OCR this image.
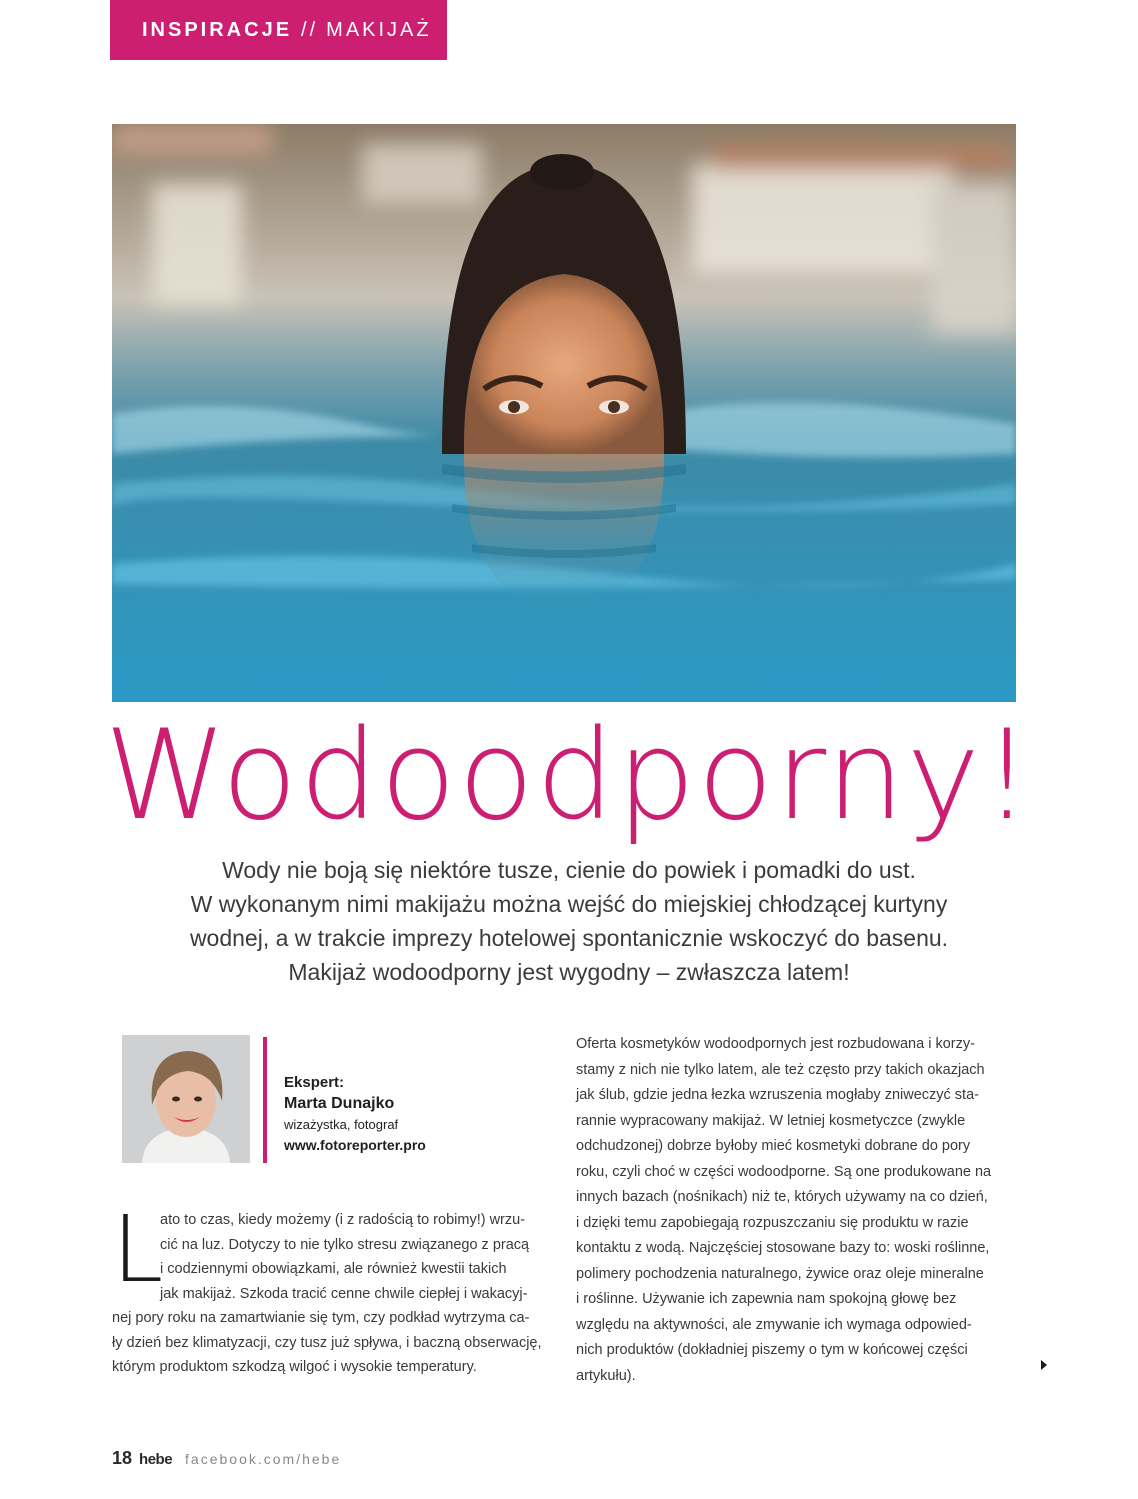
INSPIRACJE // MAKIJAŻ
Wodoodporny!
Wody nie boją się niektóre tusze, cienie do powiek i pomadki do ust.
W wykonanym nimi makijażu można wejść do miejskiej chłodzącej kurtyny
wodnej, a w trakcie imprezy hotelowej spontanicznie wskoczyć do basenu.
Makijaż wodoodporny jest wygodny – zwłaszcza latem!
Ekspert:
Marta Dunajko
wizażystka, fotograf
www.fotoreporter.pro
L
ato to czas, kiedy możemy (i z radością to robimy!) wrzu-
cić na luz. Dotyczy to nie tylko stresu związanego z pracą
i codziennymi obowiązkami, ale również kwestii takich
jak makijaż. Szkoda tracić cenne chwile ciepłej i wakacyj-
nej pory roku na zamartwianie się tym, czy podkład wytrzyma ca-
ły dzień bez klimatyzacji, czy tusz już spływa, i baczną obserwację,
którym produktom szkodzą wilgoć i wysokie temperatury.
Oferta kosmetyków wodoodpornych jest rozbudowana i korzy-
stamy z nich nie tylko latem, ale też często przy takich okazjach
jak ślub, gdzie jedna łezka wzruszenia mogłaby zniweczyć sta-
rannie wypracowany makijaż. W letniej kosmetyczce (zwykle
odchudzonej) dobrze byłoby mieć kosmetyki dobrane do pory
roku, czyli choć w części wodoodporne. Są one produkowane na
innych bazach (nośnikach) niż te, których używamy na co dzień,
i dzięki temu zapobiegają rozpuszczaniu się produktu w razie
kontaktu z wodą. Najczęściej stosowane bazy to: woski roślinne,
polimery pochodzenia naturalnego, żywice oraz oleje mineralne
i roślinne. Używanie ich zapewnia nam spokojną głowę bez
względu na aktywności, ale zmywanie ich wymaga odpowied-
nich produktów (dokładniej piszemy o tym w końcowej części
artykułu).
18 hebe facebook.com/hebe
